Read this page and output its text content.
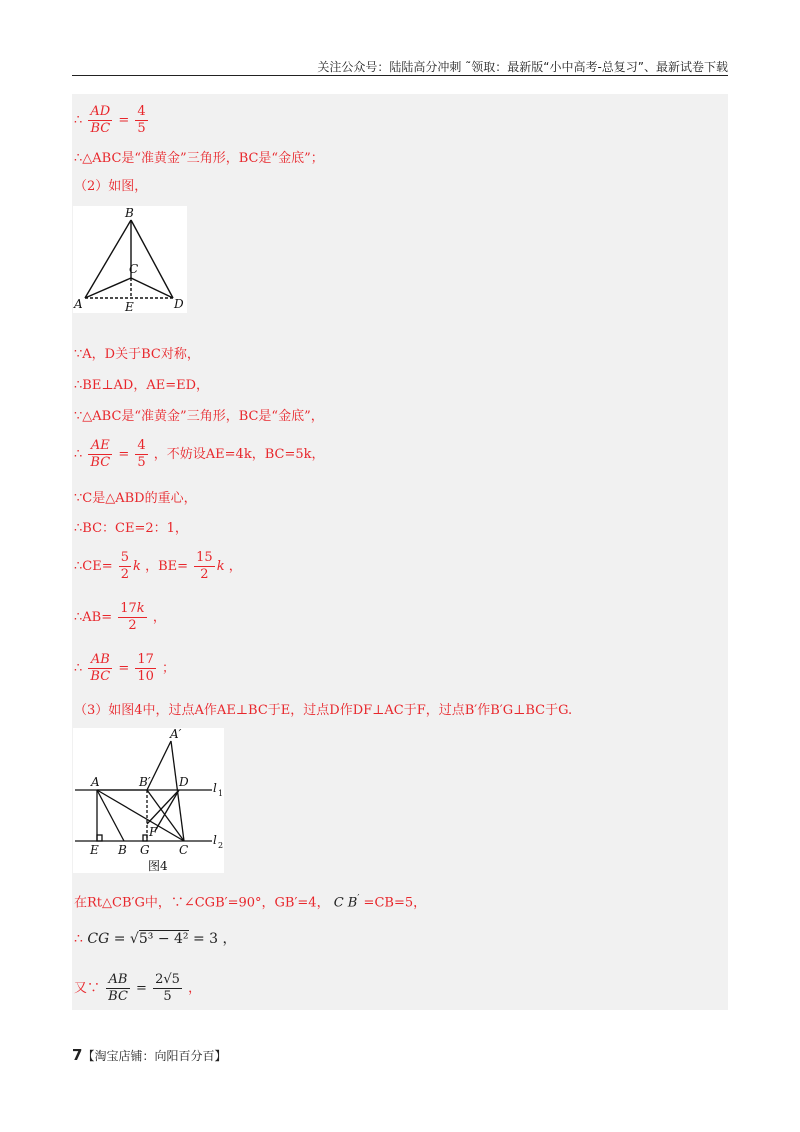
关注公众号：陆陆高分冲刺 ˜领取：最新版“小中高考-总复习”、最新试卷下载
∴ $\frac{AD}{BC} = \frac{4}{5}$
∴△ABC是“准黄金”三角形，BC是“金底”；
（2）如图，
B
C
A	E	D
∵A，D关于BC对称，
∴BE⊥AD，AE=ED，
∵△ABC是“准黄金”三角形，BC是“金底”，
∴ $\frac{AE}{BC} = \frac{4}{5}$ ，不妨设AE=4k，BC=5k，
∵C是△ABD的重心，
∴BC：CE=2：1，
∴CE= $\frac{5}{2}$ k ，$BE= \frac{15}{2}$ k ，
∴AB= $\frac{17k}{2}$ ，
∴ $\frac{AB}{BC} = \frac{17}{10}$ ；
（3）如图4中，过点A作AE⊥BC于E，过点D作DF⊥AC于F，过点B′作B′G⊥BC于G.
A′
A	B′ D l 1
F
E B G C
l 2
图4
在Rt△CB′G中，∵∠CGB′=90°，GB′=4， C B′ =CB=5，
∴ CG = √5³ − 4² = 3 ，
又∵ $\frac{AB}{BC} = \frac{2√5}{5}$ ，
7【淘宝店铺：向阳百分百】
